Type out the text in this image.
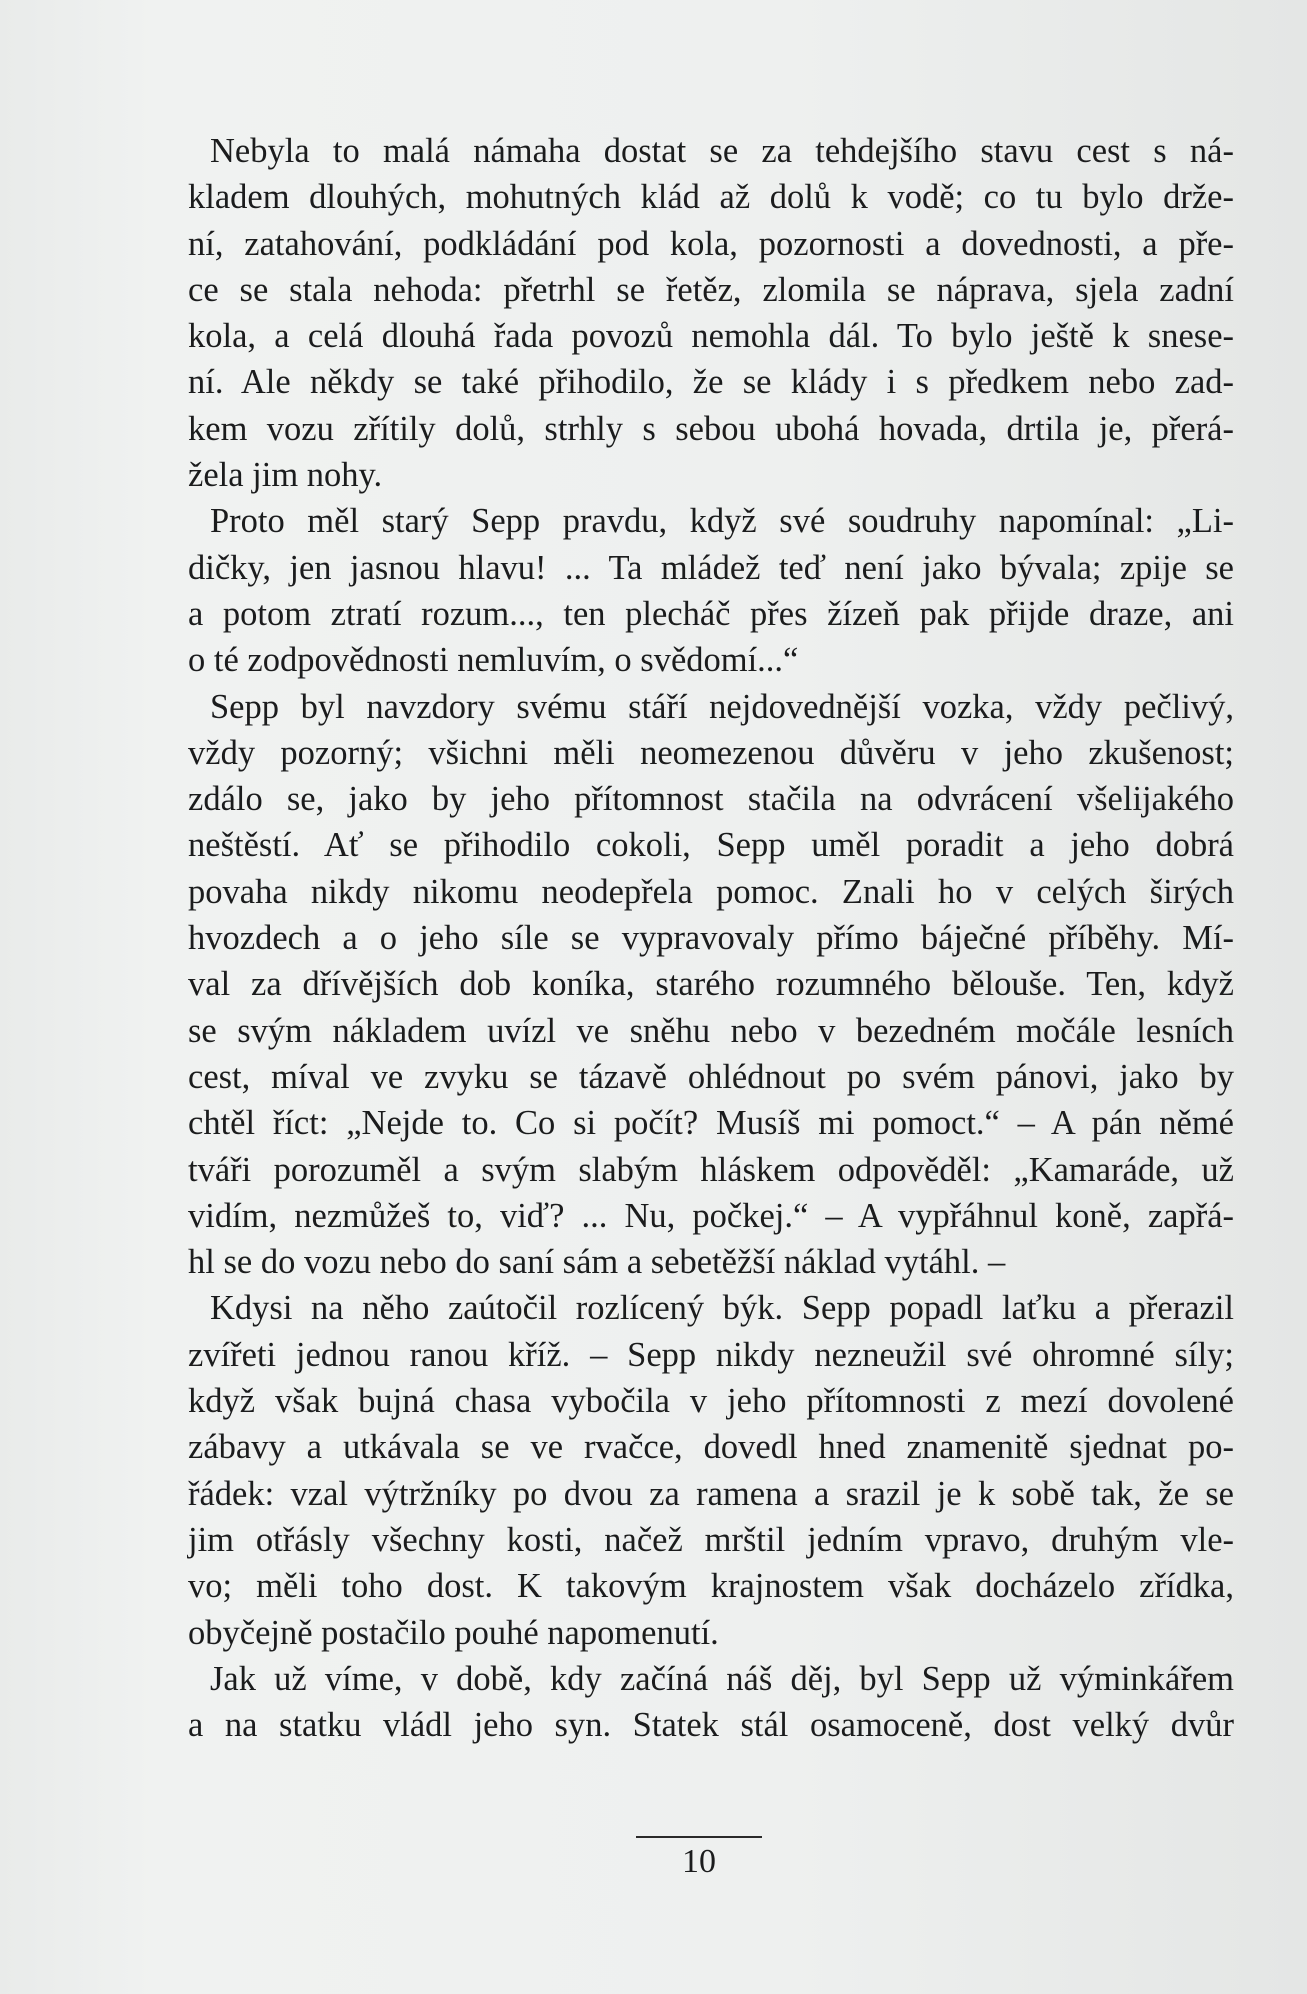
Nebyla to malá námaha dostat se za tehdejšího stavu cest s ná-
kladem dlouhých, mohutných klád až dolů k vodě; co tu bylo drže-
ní, zatahování, podkládání pod kola, pozornosti a dovednosti, a pře-
ce se stala nehoda: přetrhl se řetěz, zlomila se náprava, sjela zadní
kola, a celá dlouhá řada povozů nemohla dál. To bylo ještě k snese-
ní. Ale někdy se také přihodilo, že se klády i s předkem nebo zad-
kem vozu zřítily dolů, strhly s sebou ubohá hovada, drtila je, přerá-
žela jim nohy.
Proto měl starý Sepp pravdu, když své soudruhy napomínal: „Li-
dičky, jen jasnou hlavu! ... Ta mládež teď není jako bývala; zpije se
a potom ztratí rozum..., ten plecháč přes žízeň pak přijde draze, ani
o té zodpovědnosti nemluvím, o svědomí...“
Sepp byl navzdory svému stáří nejdovednější vozka, vždy pečlivý,
vždy pozorný; všichni měli neomezenou důvěru v jeho zkušenost;
zdálo se, jako by jeho přítomnost stačila na odvrácení všelijakého
neštěstí. Ať se přihodilo cokoli, Sepp uměl poradit a jeho dobrá
povaha nikdy nikomu neodepřela pomoc. Znali ho v celých širých
hvozdech a o jeho síle se vypravovaly přímo báječné příběhy. Mí-
val za dřívějších dob koníka, starého rozumného bělouše. Ten, když
se svým nákladem uvízl ve sněhu nebo v bezedném močále lesních
cest, míval ve zvyku se tázavě ohlédnout po svém pánovi, jako by
chtěl říct: „Nejde to. Co si počít? Musíš mi pomoct.“ – A pán němé
tváři porozuměl a svým slabým hláskem odpověděl: „Kamaráde, už
vidím, nezmůžeš to, viď? ... Nu, počkej.“ – A vypřáhnul koně, zapřá-
hl se do vozu nebo do saní sám a sebetěžší náklad vytáhl. –
Kdysi na něho zaútočil rozlícený býk. Sepp popadl laťku a přerazil
zvířeti jednou ranou kříž. – Sepp nikdy nezneužil své ohromné síly;
když však bujná chasa vybočila v jeho přítomnosti z mezí dovolené
zábavy a utkávala se ve rvačce, dovedl hned znamenitě sjednat po-
řádek: vzal výtržníky po dvou za ramena a srazil je k sobě tak, že se
jim otřásly všechny kosti, načež mrštil jedním vpravo, druhým vle-
vo; měli toho dost. K takovým krajnostem však docházelo zřídka,
obyčejně postačilo pouhé napomenutí.
Jak už víme, v době, kdy začíná náš děj, byl Sepp už výminkářem
a na statku vládl jeho syn. Statek stál osamoceně, dost velký dvůr
10
